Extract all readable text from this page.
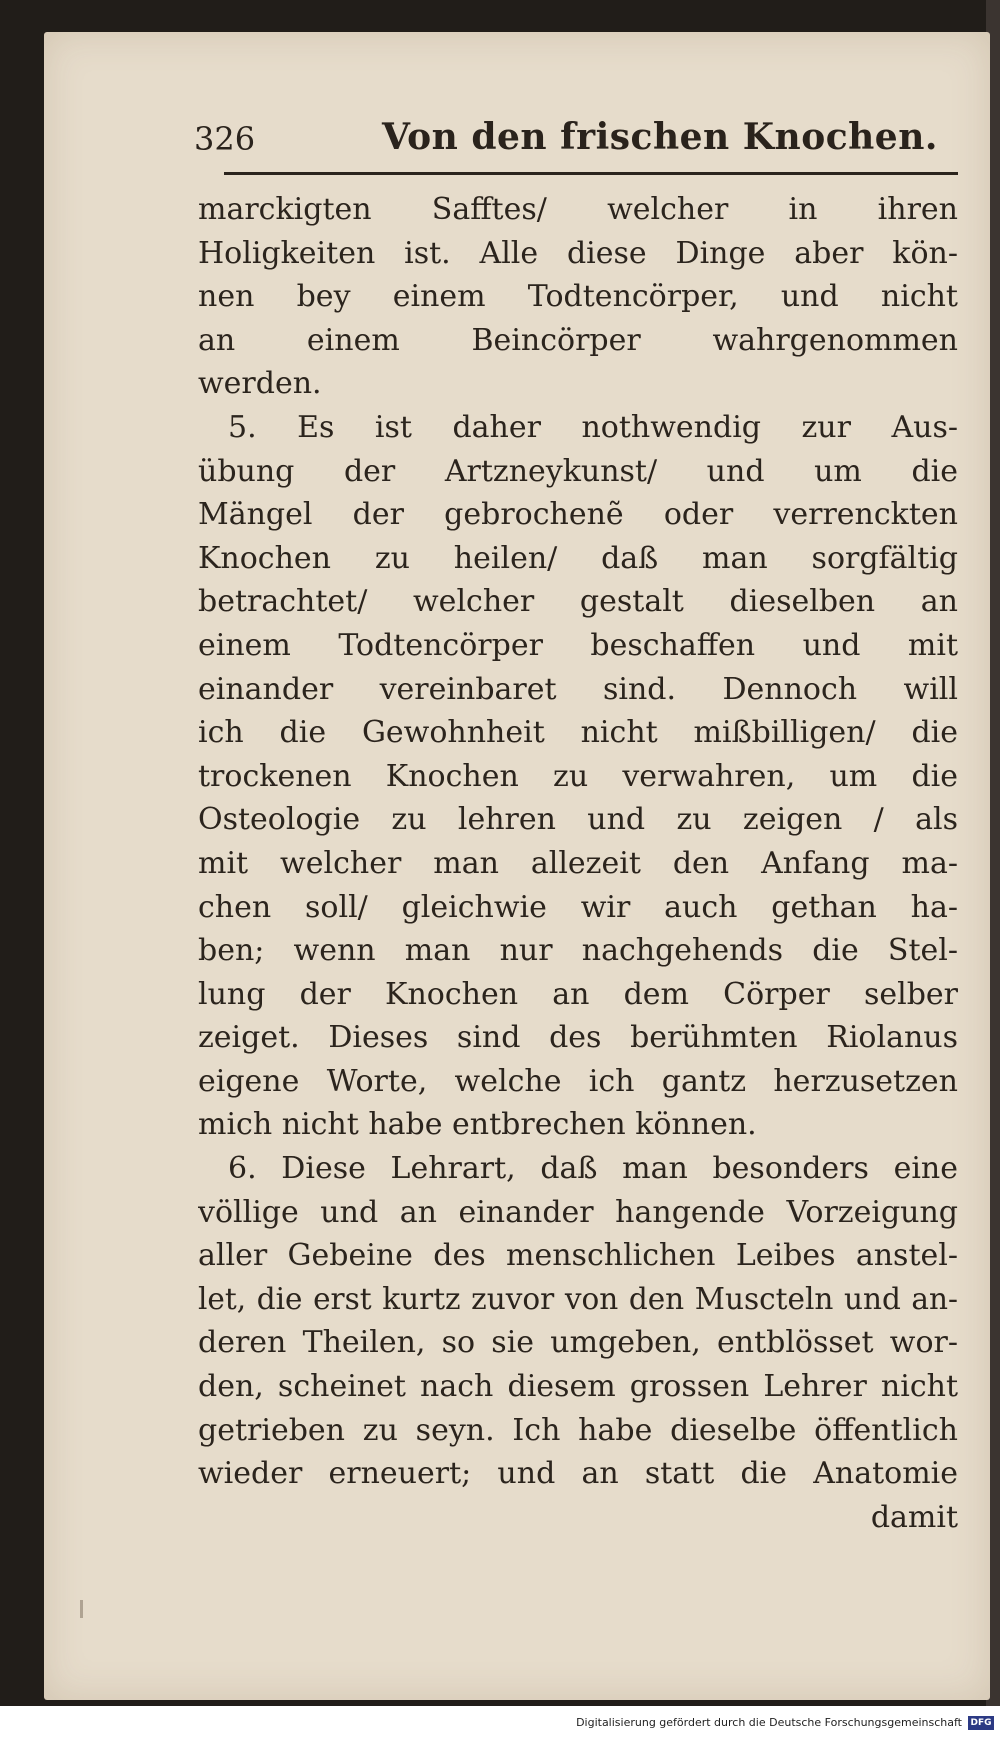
326	Von den frischen Knochen.
marckigten Safftes/ welcher in ihren
Holigkeiten ist. Alle diese Dinge aber kön-
nen bey einem Todtencörper, und nicht
an einem Beincörper wahrgenommen
werden.
5. Es ist daher nothwendig zur Aus-
übung der Artzneykunst/ und um die
Mängel der gebrochenẽ oder verrenckten
Knochen zu heilen/ daß man sorgfältig
betrachtet/ welcher gestalt dieselben an
einem Todtencörper beschaffen und mit
einander vereinbaret sind. Dennoch will
ich die Gewohnheit nicht mißbilligen/ die
trockenen Knochen zu verwahren, um die
Osteologie zu lehren und zu zeigen / als
mit welcher man allezeit den Anfang ma-
chen soll/ gleichwie wir auch gethan ha-
ben; wenn man nur nachgehends die Stel-
lung der Knochen an dem Cörper selber
zeiget. Dieses sind des berühmten Riolanus
eigene Worte, welche ich gantz herzusetzen
mich nicht habe entbrechen können.
6. Diese Lehrart, daß man besonders eine
völlige und an einander hangende Vorzeigung
aller Gebeine des menschlichen Leibes anstel-
let, die erst kurtz zuvor von den Muscteln und an-
deren Theilen, so sie umgeben, entblösset wor-
den, scheinet nach diesem grossen Lehrer nicht
getrieben zu seyn. Ich habe dieselbe öffentlich
wieder erneuert; und an statt die Anatomie
damit
Digitalisierung gefördert durch die Deutsche Forschungsgemeinschaft DFG
